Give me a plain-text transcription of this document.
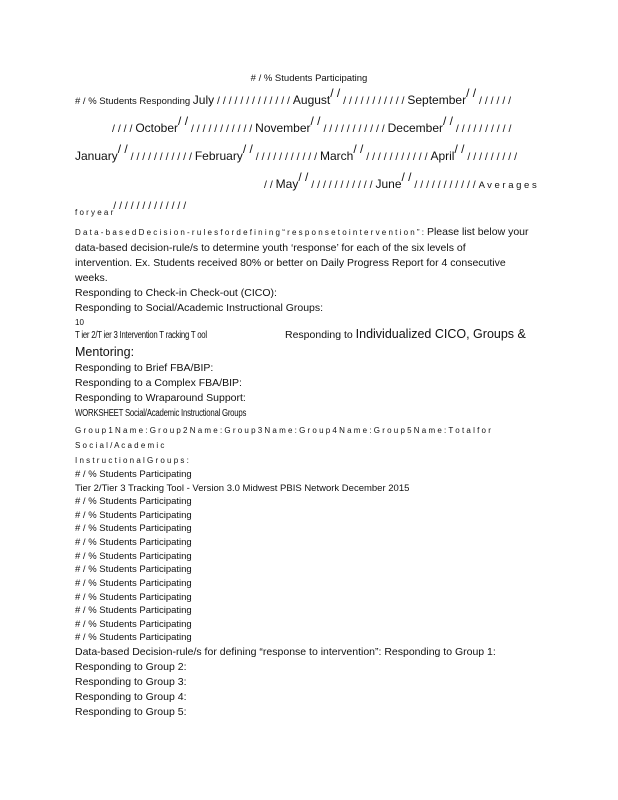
# / % Students Participating
# / % Students Responding July / / / / / / / / / / / / / August/ / / / / / / / / / / / / September/ / / / / / / /
/ / / / October/ / / / / / / / / / / / / November/ / / / / / / / / / / / / December/ / / / / / / / / / / /
January/ / / / / / / / / / / / / February/ / / / / / / / / / / / / March/ / / / / / / / / / / / / April/ / / / / / / / / / /
/ / May/ / / / / / / / / / / / / June/ / / / / / / / / / / / / A v e r a g e s
f o r y e a r/ / / / / / / / / / / / /
D a t a - b a s e d D e c i s i o n - r u l e s f o r d e f i n i n g “ r e s p o n s e t o i n t e r v e n t i o n ” : Please list below your
data-based decision-rule/s to determine youth ‘response’ for each of the six levels of
intervention. Ex. Students received 80% or better on Daily Progress Report for 4 consecutive
weeks.
Responding to Check-in Check-out (CICO):
Responding to Social/Academic Instructional Groups:
10
T ier 2/T ier 3 Intervention T racking T ool	Responding to Individualized CICO, Groups &
Mentoring:
Responding to Brief FBA/BIP:
Responding to a Complex FBA/BIP:
Responding to Wraparound Support:
WORKSHEET Social/Academic Instructional Groups
G r o u p 1 N a m e : G r o u p 2 N a m e : G r o u p 3 N a m e : G r o u p 4 N a m e : G r o u p 5 N a m e : T o t a l f o r
S o c i a l / A c a d e m i c
I n s t r u c t i o n a l G r o u p s :
# / % Students Participating
Tier 2/Tier 3 Tracking Tool - Version 3.0 Midwest PBIS Network December 2015
# / % Students Participating
# / % Students Participating
# / % Students Participating
# / % Students Participating
# / % Students Participating
# / % Students Participating
# / % Students Participating
# / % Students Participating
# / % Students Participating
# / % Students Participating
# / % Students Participating
Data-based Decision-rule/s for defining “response to intervention”: Responding to Group 1:
Responding to Group 2:
Responding to Group 3:
Responding to Group 4:
Responding to Group 5:
